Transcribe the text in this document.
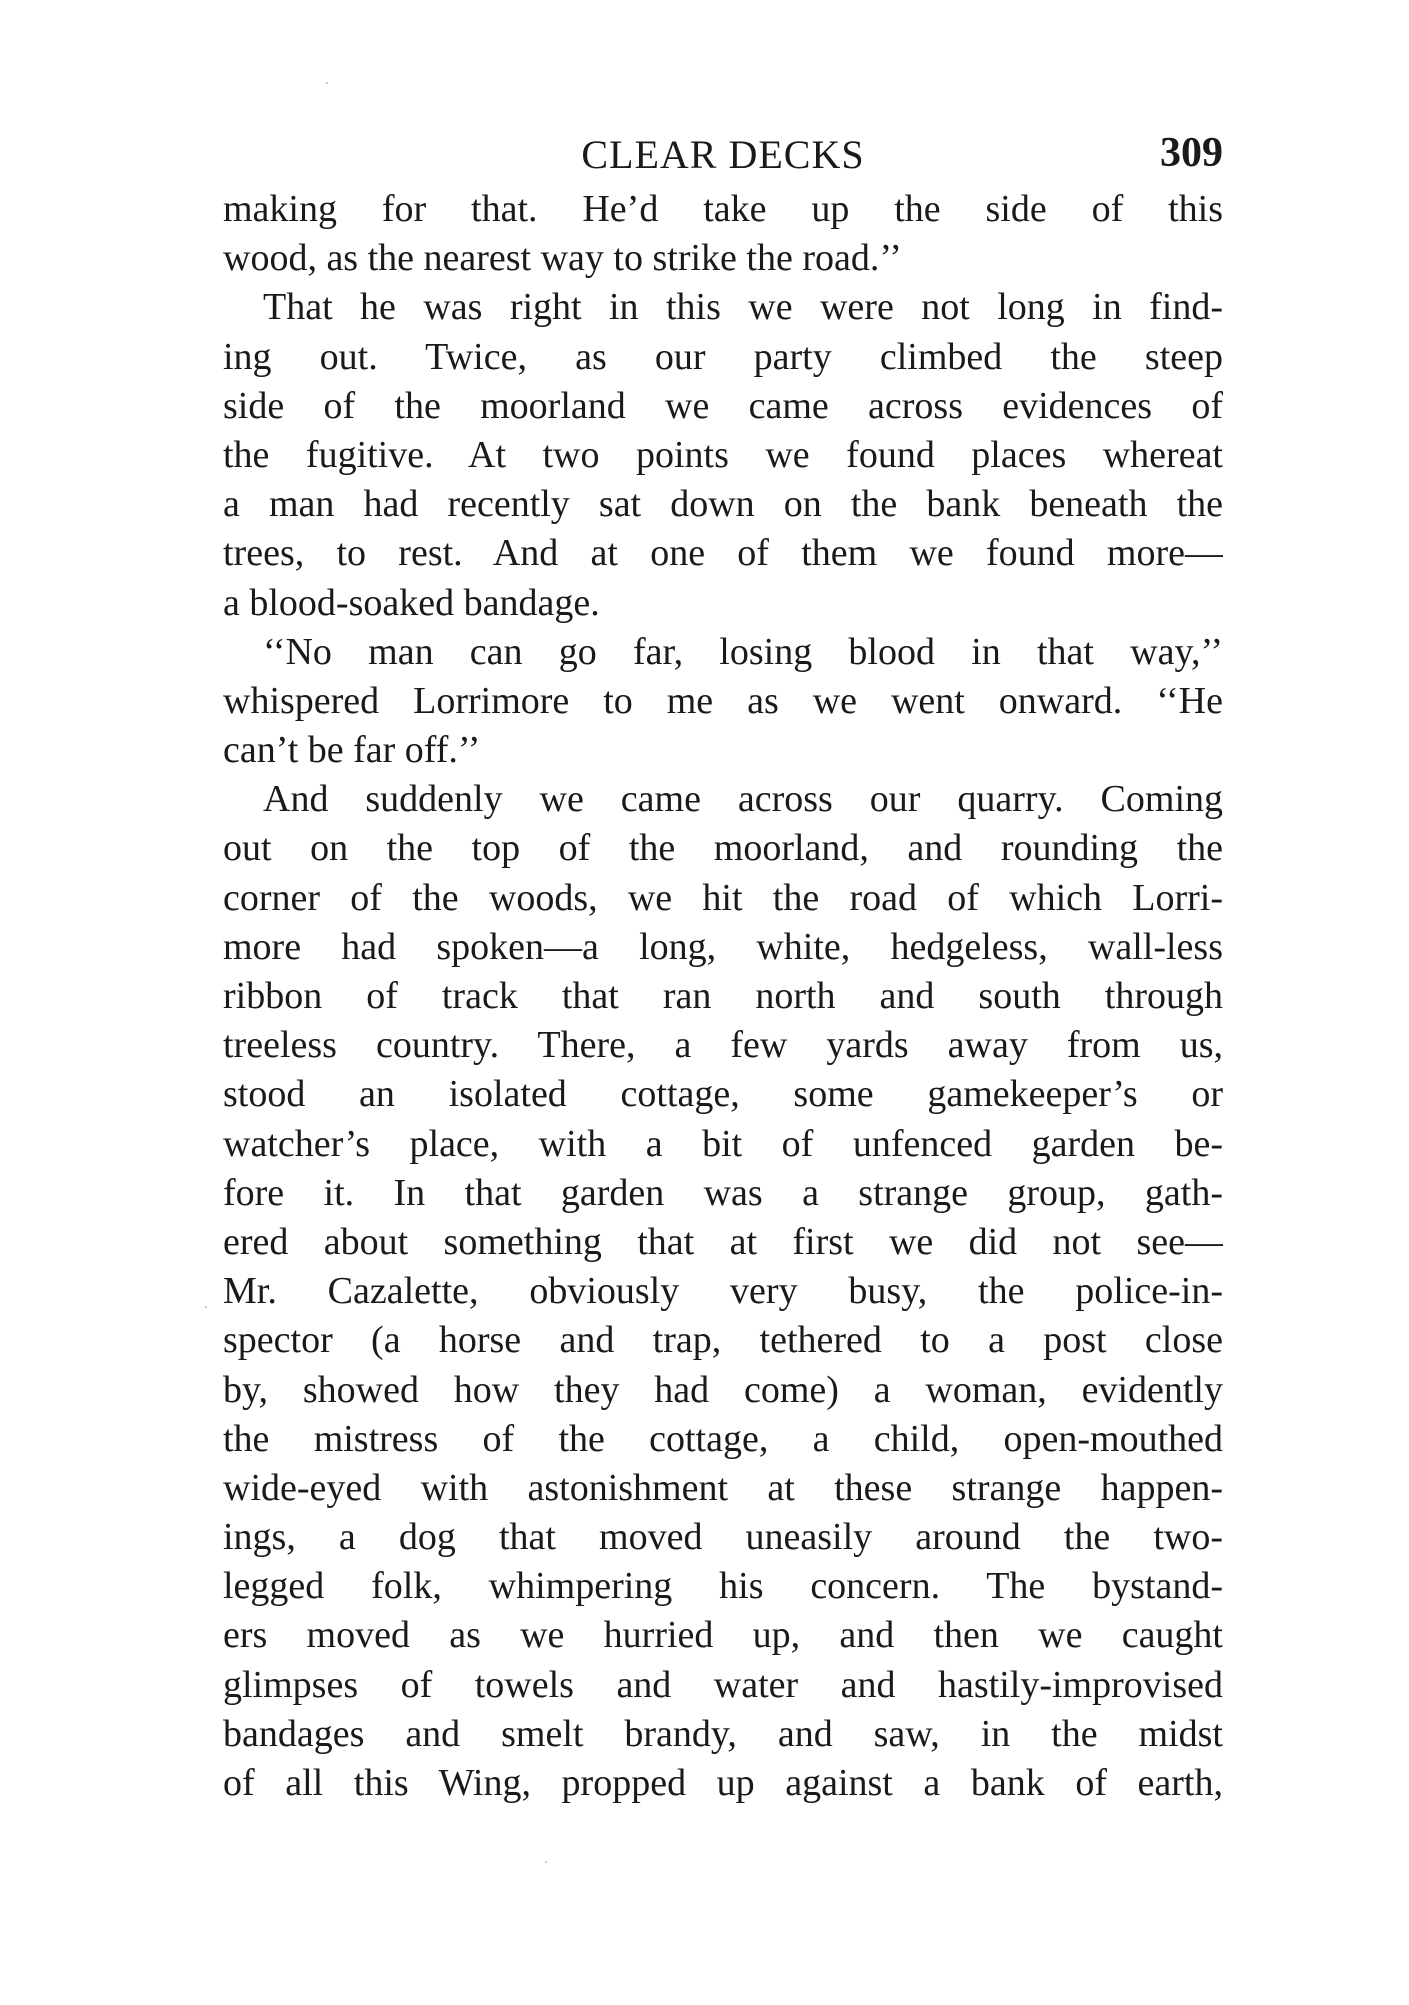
CLEAR DECKS	309
making for that. He’d take up the side of this
wood, as the nearest way to strike the road.’’
That he was right in this we were not long in find-
ing out. Twice, as our party climbed the steep
side of the moorland we came across evidences of
the fugitive. At two points we found places whereat
a man had recently sat down on the bank beneath the
trees, to rest. And at one of them we found more—
a blood-soaked bandage.
‘‘No man can go far, losing blood in that way,’’
whispered Lorrimore to me as we went onward. ‘‘He
can’t be far off.’’
And suddenly we came across our quarry. Coming
out on the top of the moorland, and rounding the
corner of the woods, we hit the road of which Lorri-
more had spoken—a long, white, hedgeless, wall-less
ribbon of track that ran north and south through
treeless country. There, a few yards away from us,
stood an isolated cottage, some gamekeeper’s or
watcher’s place, with a bit of unfenced garden be-
fore it. In that garden was a strange group, gath-
ered about something that at first we did not see—
Mr. Cazalette, obviously very busy, the police-in-
spector (a horse and trap, tethered to a post close
by, showed how they had come) a woman, evidently
the mistress of the cottage, a child, open-mouthed
wide-eyed with astonishment at these strange happen-
ings, a dog that moved uneasily around the two-
legged folk, whimpering his concern. The bystand-
ers moved as we hurried up, and then we caught
glimpses of towels and water and hastily-improvised
bandages and smelt brandy, and saw, in the midst
of all this Wing, propped up against a bank of earth,
